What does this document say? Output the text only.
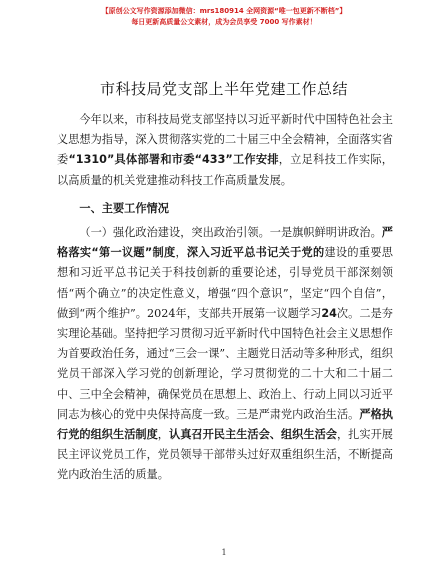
【原创公文写作资源添加微信：mrs180914 全网资源“唯一包更新不断档”】
每日更新高质量公文素材，成为会员享受 7000 写作素材！
市科技局党支部上半年党建工作总结

今年以来，市科技局党支部坚持以习近平新时代中国特色社会主义思想为指导，深入贯彻落实党的二十届三中全会精神，全面落实省委“1310”具体部署和市委“433”工作安排，立足科技工作实际，以高质量的机关党建推动科技工作高质量发展。

一、主要工作情况

（一）强化政治建设，突出政治引领。一是旗帜鲜明讲政治。严格落实“第一议题”制度，深入习近平总书记关于党的建设的重要思想和习近平总书记关于科技创新的重要论述，引导党员干部深刻领悟“两个确立”的决定性意义，增强“四个意识”，坚定“四个自信”，做到“两个维护”。2024年，支部共开展第一议题学习24次。二是夯实理论基础。坚持把学习贯彻习近平新时代中国特色社会主义思想作为首要政治任务，通过“三会一课”、主题党日活动等多种形式，组织党员干部深入学习党的创新理论，学习贯彻党的二十大和二十届二中、三中全会精神，确保党员在思想上、政治上、行动上同以习近平同志为核心的党中央保持高度一致。三是严肃党内政治生活。严格执行党的组织生活制度，认真召开民主生活会、组织生活会，扎实开展民主评议党员工作，党员领导干部带头过好双重组织生活，不断提高党内政治生活的质量。

1
